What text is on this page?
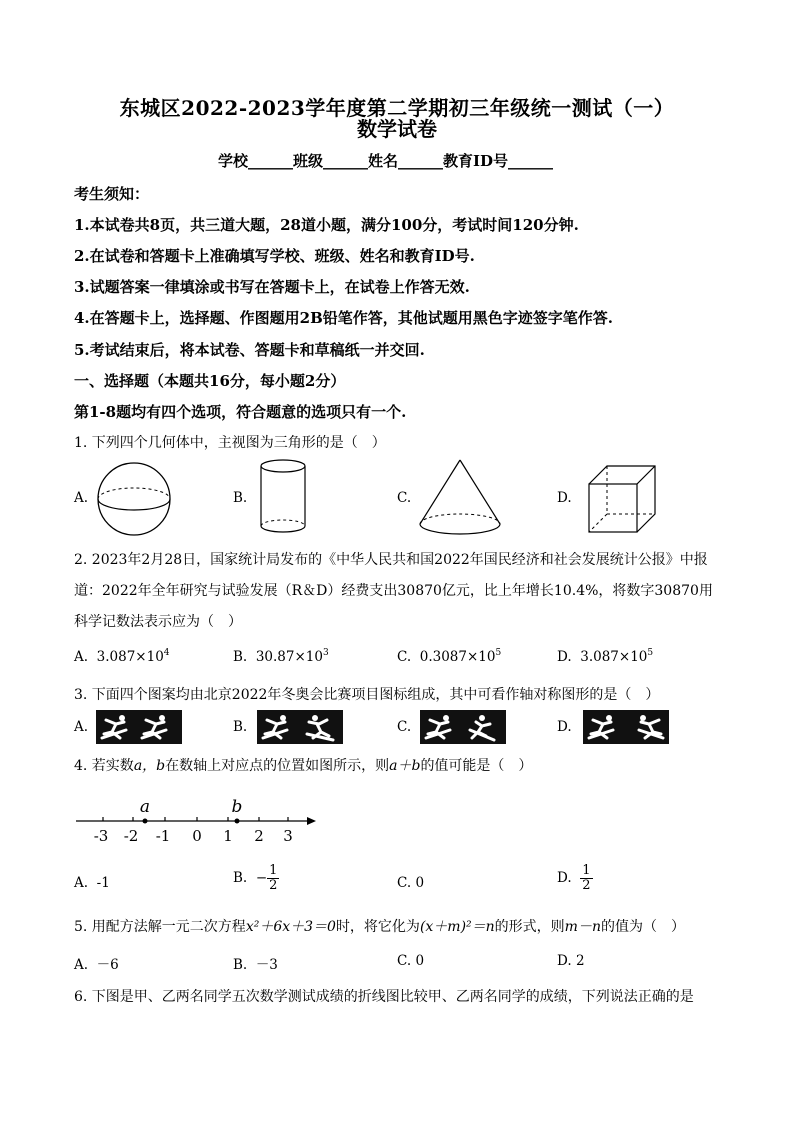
东城区2022-2023学年度第二学期初三年级统一测试（一）
数学试卷
学校______班级______姓名______教育ID号______
考生须知：
1.本试卷共8页，共三道大题，28道小题，满分100分，考试时间120分钟.
2.在试卷和答题卡上准确填写学校、班级、姓名和教育ID号.
3.试题答案一律填涂或书写在答题卡上，在试卷上作答无效.
4.在答题卡上，选择题、作图题用2B铅笔作答，其他试题用黑色字迹签字笔作答.
5.考试结束后，将本试卷、答题卡和草稿纸一并交回.
一、选择题（本题共16分，每小题2分）
第1-8题均有四个选项，符合题意的选项只有一个.
1. 下列四个几何体中，主视图为三角形的是（　）
A.	B.	C.	D.
2. 2023年2月28日，国家统计局发布的《中华人民共和国2022年国民经济和社会发展统计公报》中报
道：2022年全年研究与试验发展（R＆D）经费支出30870亿元，比上年增长10.4%，将数字30870用
科学记数法表示应为（　）
A. $3.087\times 10^4$	B. $30.87\times 10^3$	C. $0.3087\times 10^5$	D. $3.087\times 10^5$
3. 下面四个图案均由北京2022年冬奥会比赛项目图标组成，其中可看作轴对称图形的是（　）
A.	B.	C.	D.
4. 若实数a，b在数轴上对应点的位置如图所示，则a＋b的值可能是（　）
a	b
-3 -2 -1 0 1 2 3
A. -1	B. − $\frac{1}{2}$	C. 0	D. $\frac{1}{2}$
5. 用配方法解一元二次方程x²＋6x＋3＝0时，将它化为(x＋m)²＝n的形式，则m－n的值为（　）
A. －6	B. －3	C. 0	D. 2
6. 下图是甲、乙两名同学五次数学测试成绩的折线图比较甲、乙两名同学的成绩，下列说法正确的是
